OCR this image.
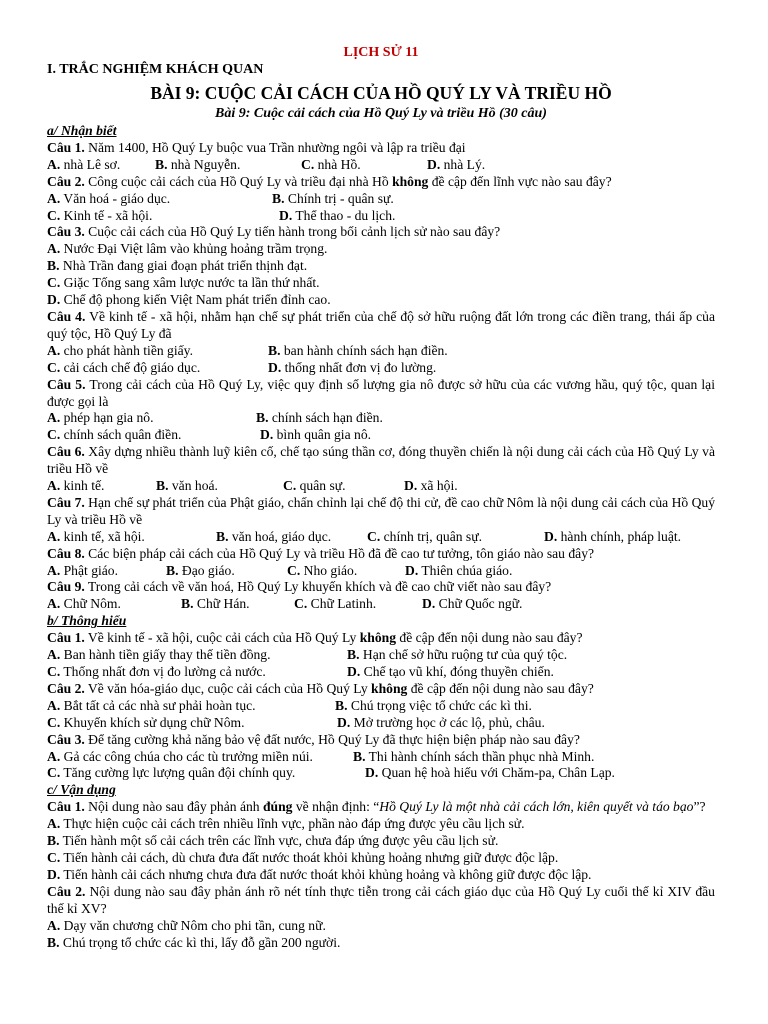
LỊCH SỬ 11
I. TRẮC NGHIỆM KHÁCH QUAN
BÀI 9: CUỘC CẢI CÁCH CỦA HỒ QUÝ LY VÀ TRIỀU HỒ
Bài 9: Cuộc cải cách của Hồ Quý Ly và triều Hồ (30 câu)
a/ Nhận biết
Câu 1. Năm 1400, Hồ Quý Ly buộc vua Trần nhường ngôi và lập ra triều đại
A. nhà Lê sơ.	B. nhà Nguyễn.	C. nhà Hồ.	D. nhà Lý.
Câu 2. Công cuộc cải cách của Hồ Quý Ly và triều đại nhà Hồ không đề cập đến lĩnh vực nào sau đây?
A. Văn hoá - giáo dục.	B. Chính trị - quân sự.
C. Kinh tế - xã hội.	D. Thể thao - du lịch.
Câu 3. Cuộc cải cách của Hồ Quý Ly tiến hành trong bối cảnh lịch sử nào sau đây?
A. Nước Đại Việt lâm vào khủng hoảng trầm trọng.
B. Nhà Trần đang giai đoạn phát triển thịnh đạt.
C. Giặc Tống sang xâm lược nước ta lần thứ nhất.
D. Chế độ phong kiến Việt Nam phát triển đỉnh cao.
Câu 4. Về kinh tế - xã hội, nhằm hạn chế sự phát triển của chế độ sở hữu ruộng đất lớn trong các điền trang, thái ấp của quý tộc, Hồ Quý Ly đã
A. cho phát hành tiền giấy.	B. ban hành chính sách hạn điền.
C. cải cách chế độ giáo dục.	D. thống nhất đơn vị đo lường.
Câu 5. Trong cải cách của Hồ Quý Ly, việc quy định số lượng gia nô được sở hữu của các vương hầu, quý tộc, quan lại được gọi là
A. phép hạn gia nô.	B. chính sách hạn điền.
C. chính sách quân điền.	D. bình quân gia nô.
Câu 6. Xây dựng nhiều thành luỹ kiên cố, chế tạo súng thần cơ, đóng thuyền chiến là nội dung cải cách của Hồ Quý Ly và triều Hồ về
A. kinh tế.	B. văn hoá.	C. quân sự.	D. xã hội.
Câu 7. Hạn chế sự phát triển của Phật giáo, chấn chỉnh lại chế độ thi cử, đề cao chữ Nôm là nội dung cải cách của Hồ Quý Ly và triều Hồ về
A. kinh tế, xã hội.	B. văn hoá, giáo dục.	C. chính trị, quân sự.	D. hành chính, pháp luật.
Câu 8. Các biện pháp cải cách của Hồ Quý Ly và triều Hồ đã đề cao tư tưởng, tôn giáo nào sau đây?
A. Phật giáo.	B. Đạo giáo.	C. Nho giáo.	D. Thiên chúa giáo.
Câu 9. Trong cải cách về văn hoá, Hồ Quý Ly khuyến khích và đề cao chữ viết nào sau đây?
A. Chữ Nôm.	B. Chữ Hán.	C. Chữ Latinh.	D. Chữ Quốc ngữ.
b/ Thông hiểu
Câu 1. Về kinh tế - xã hội, cuộc cải cách của Hồ Quý Ly không đề cập đến nội dung nào sau đây?
A. Ban hành tiền giấy thay thế tiền đồng.	B. Hạn chế sở hữu ruộng tư của quý tộc.
C. Thống nhất đơn vị đo lường cả nước.	D. Chế tạo vũ khí, đóng thuyền chiến.
Câu 2. Về văn hóa-giáo dục, cuộc cải cách của Hồ Quý Ly không đề cập đến nội dung nào sau đây?
A. Bắt tất cả các nhà sư phải hoàn tục.	B. Chú trọng việc tổ chức các kì thi.
C. Khuyến khích sử dụng chữ Nôm.	D. Mở trường học ở các lộ, phủ, châu.
Câu 3. Để tăng cường khả năng bảo vệ đất nước, Hồ Quý Ly đã thực hiện biện pháp nào sau đây?
A. Gả các công chúa cho các tù trưởng miền núi.	B. Thi hành chính sách thần phục nhà Minh.
C. Tăng cường lực lượng quân đội chính quy.	D. Quan hệ hoà hiếu với Chăm-pa, Chân Lạp.
c/ Vận dụng
Câu 1. Nội dung nào sau đây phản ánh đúng về nhận định: “Hồ Quý Ly là một nhà cải cách lớn, kiên quyết và táo bạo”?
A. Thực hiện cuộc cải cách trên nhiều lĩnh vực, phần nào đáp ứng được yêu cầu lịch sử.
B. Tiến hành một số cải cách trên các lĩnh vực, chưa đáp ứng được yêu cầu lịch sử.
C. Tiến hành cải cách, dù chưa đưa đất nước thoát khỏi khủng hoảng nhưng giữ được độc lập.
D. Tiến hành cải cách nhưng chưa đưa đất nước thoát khỏi khủng hoảng và không giữ được độc lập.
Câu 2. Nội dung nào sau đây phản ánh rõ nét tính thực tiễn trong cải cách giáo dục của Hồ Quý Ly cuối thế kỉ XIV đầu thế kỉ XV?
A. Dạy văn chương chữ Nôm cho phi tần, cung nữ.
B. Chú trọng tổ chức các kì thi, lấy đỗ gần 200 người.
